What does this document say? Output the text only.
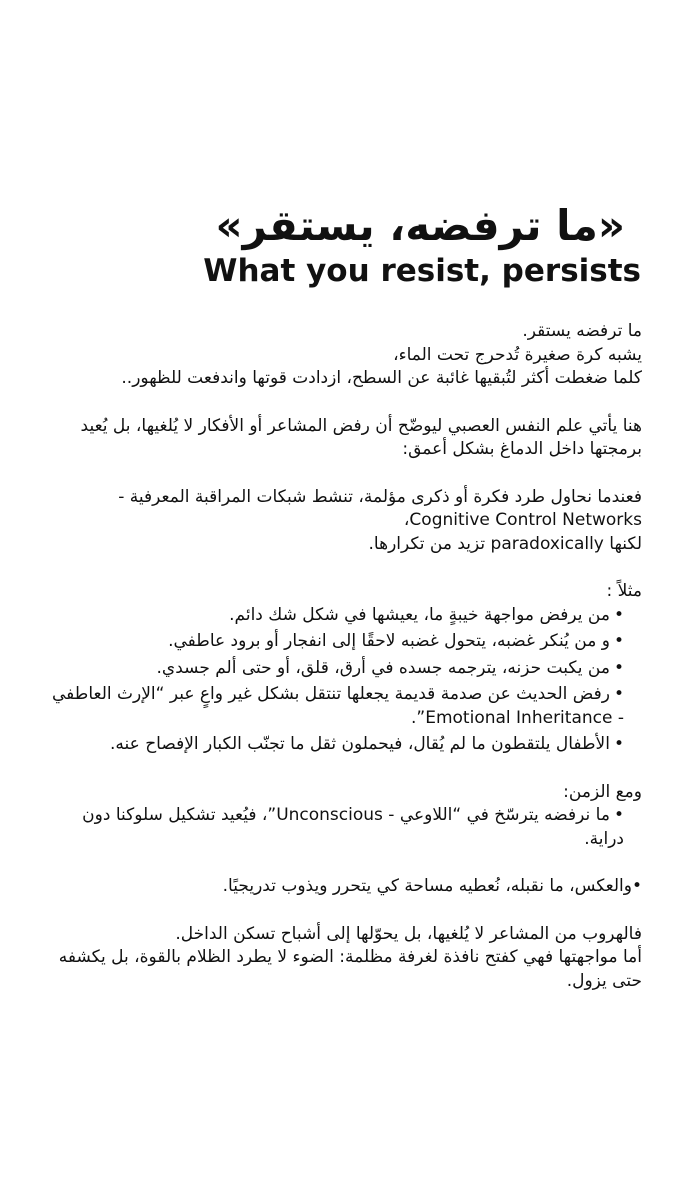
«ما ترفضه، يستقر»
What you resist, persists

ما ترفضه يستقر.

يشبه كرة صغيرة تُدحرج تحت الماء،

كلما ضغطت أكثر لتُبقيها غائبة عن السطح، ازدادت قوتها واندفعت للظهور..

هنا يأتي علم النفس العصبي ليوضّح أن رفض المشاعر أو الأفكار لا يُلغيها، بل يُعيد برمجتها داخل الدماغ بشكل أعمق:

فعندما نحاول طرد فكرة أو ذكرى مؤلمة، تنشط شبكات المراقبة المعرفية - Cognitive Control Networks،

لكنها paradoxically تزيد من تكرارها.

مثلاً :

•من يرفض مواجهة خيبةٍ ما، يعيشها في شكل شك دائم.
•و من يُنكر غضبه، يتحول غضبه لاحقًا إلى انفجار أو برود عاطفي.
•من يكبت حزنه، يترجمه جسده في أرق، قلق، أو حتى ألم جسدي.
•رفض الحديث عن صدمة قديمة يجعلها تنتقل بشكل غير واعٍ عبر “الإرث العاطفي - Emotional Inheritance”.
•الأطفال يلتقطون ما لم يُقال، فيحملون ثقل ما تجنّب الكبار الإفصاح عنه.

ومع الزمن:

•ما نرفضه يترسّخ في “اللاوعي - Unconscious”، فيُعيد تشكيل سلوكنا دون دراية.

•والعكس، ما نقبله، نُعطيه مساحة كي يتحرر ويذوب تدريجيًا.

فالهروب من المشاعر لا يُلغيها، بل يحوّلها إلى أشباح تسكن الداخل.

أما مواجهتها فهي كفتح نافذة لغرفة مظلمة: الضوء لا يطرد الظلام بالقوة، بل يكشفه حتى يزول.
